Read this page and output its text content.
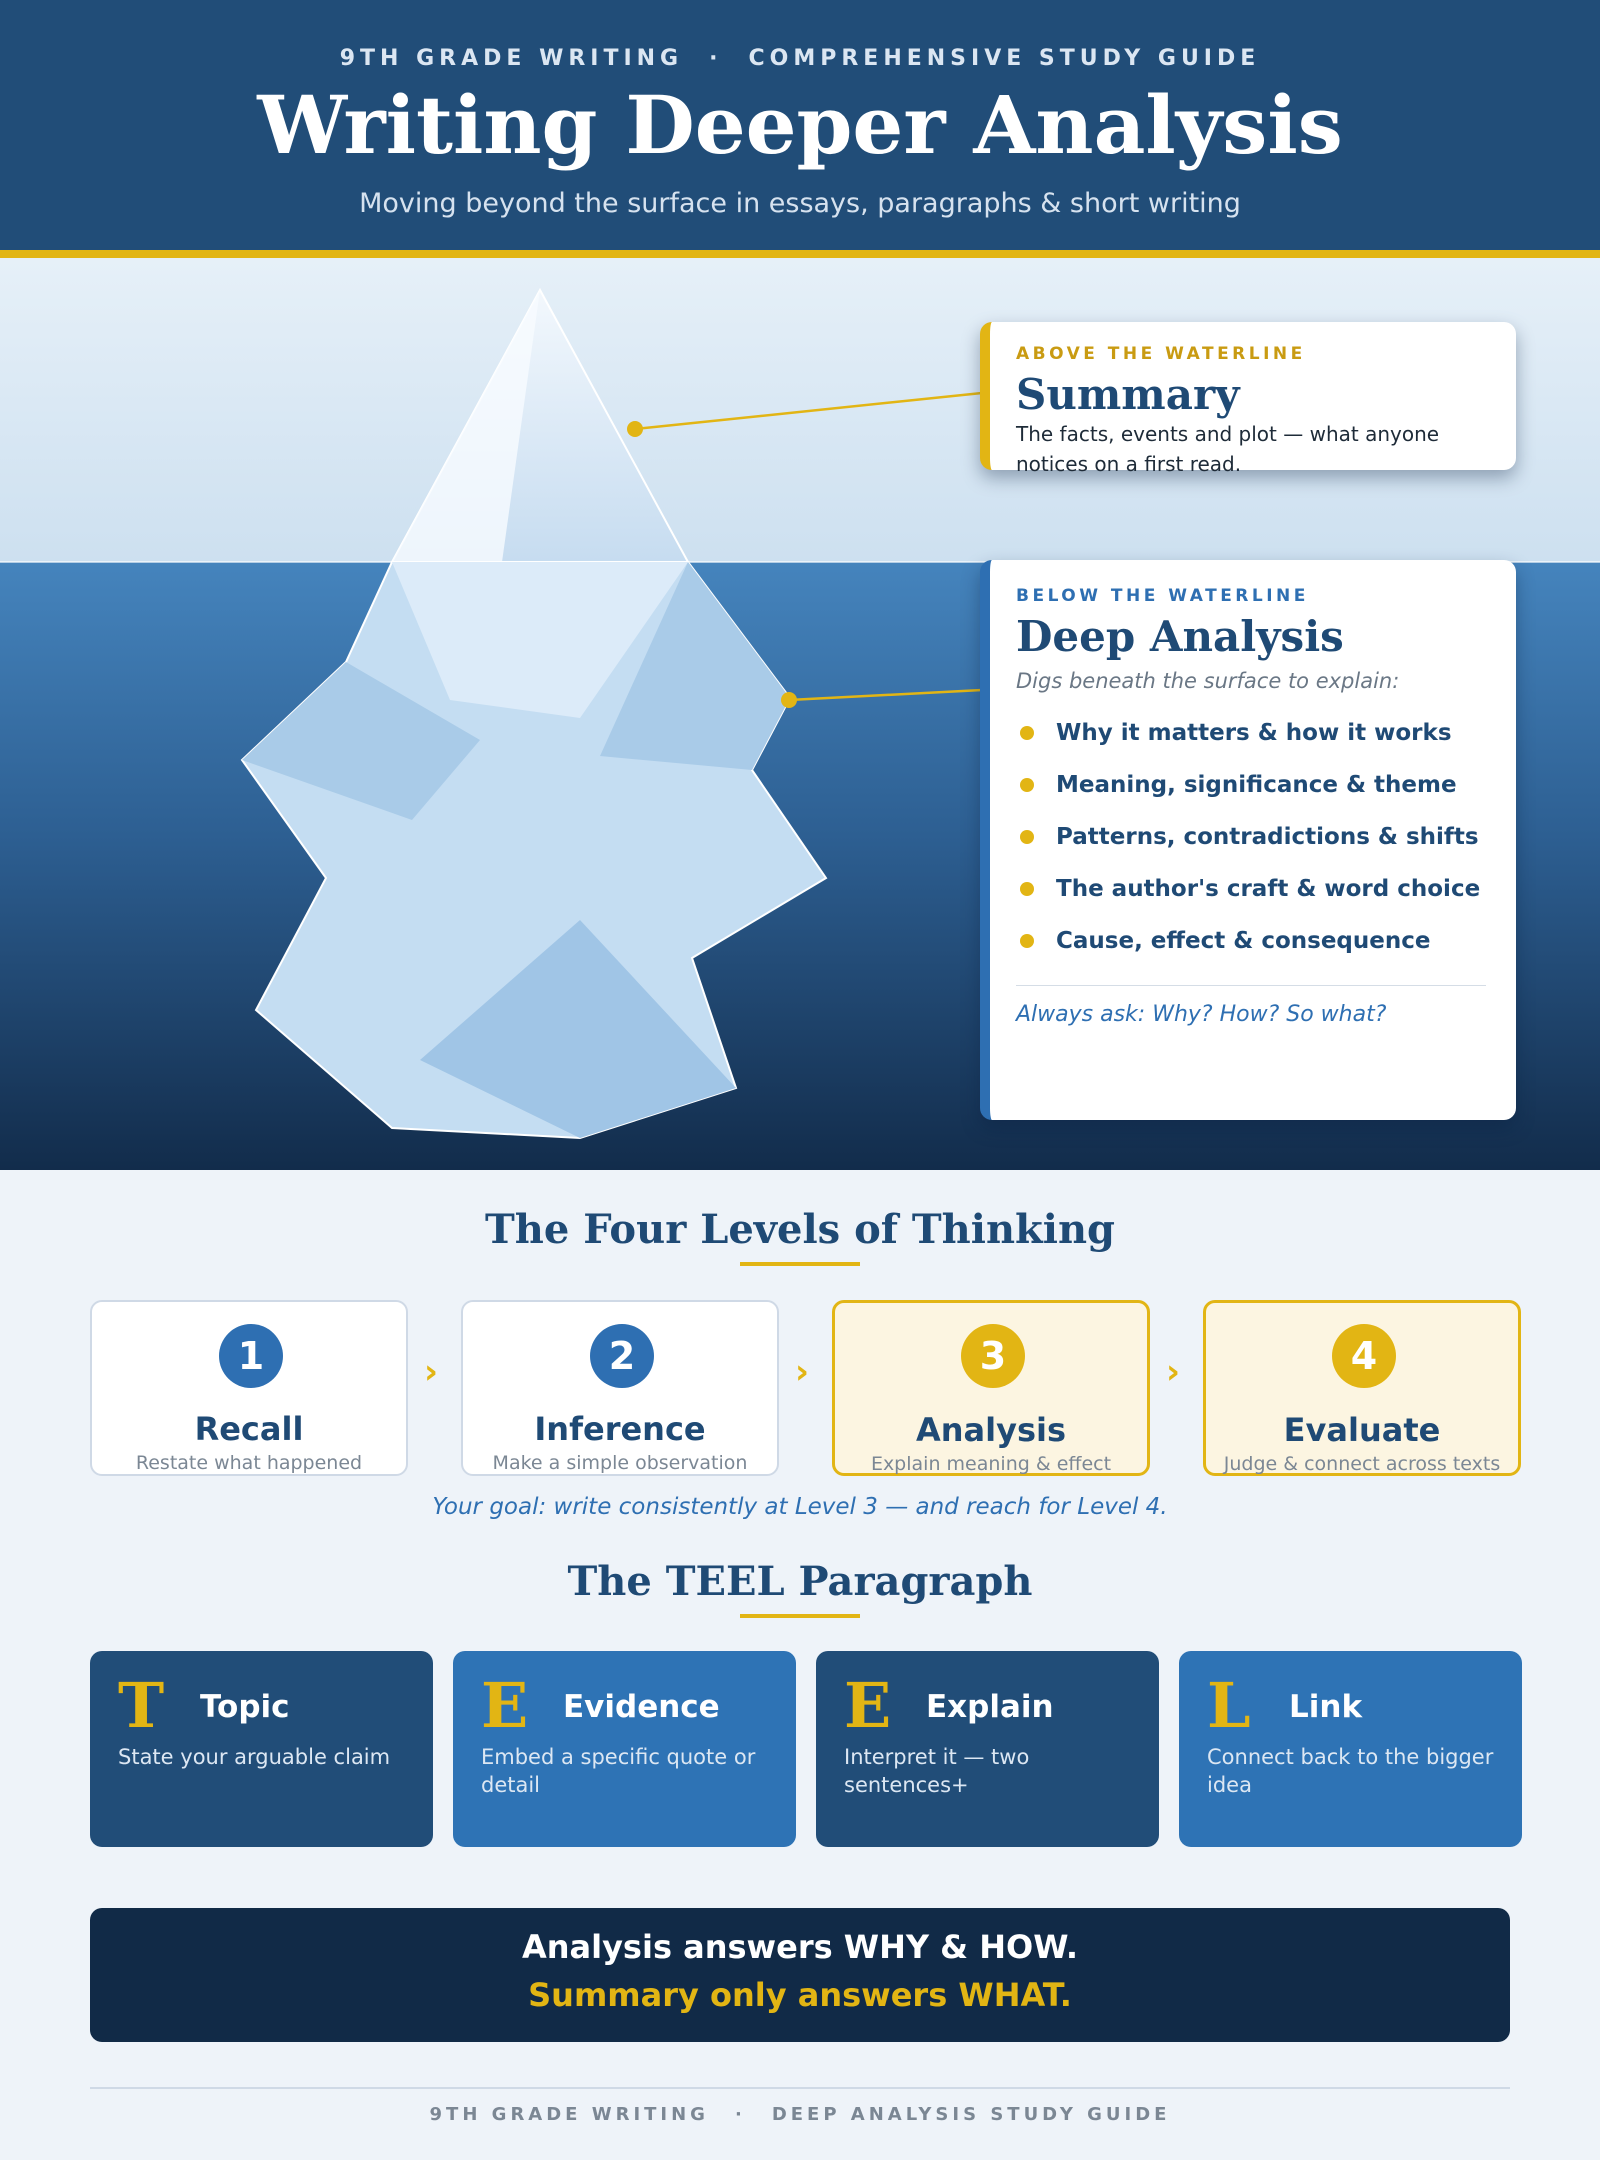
9TH GRADE WRITING · COMPREHENSIVE STUDY GUIDE
Writing Deeper Analysis
Moving beyond the surface in essays, paragraphs & short writing
ABOVE THE WATERLINE
Summary
The facts, events and plot — what anyone notices on a first read.
BELOW THE WATERLINE
Deep Analysis
Digs beneath the surface to explain:
Why it matters & how it works
Meaning, significance & theme
Patterns, contradictions & shifts
The author's craft & word choice
Cause, effect & consequence
Always ask: Why? How? So what?
The Four Levels of Thinking
1
Recall
Restate what happened
›	2
Inference
Make a simple observation
›	3
Analysis
Explain meaning & effect
›	4
Evaluate
Judge & connect across texts
Your goal: write consistently at Level 3 — and reach for Level 4.
The TEEL Paragraph
T Topic
State your arguable claim
E Evidence
Embed a specific quote or detail
E Explain
Interpret it — two sentences+
L Link
Connect back to the bigger idea
Analysis answers WHY & HOW.
Summary only answers WHAT.
9TH GRADE WRITING · DEEP ANALYSIS STUDY GUIDE
